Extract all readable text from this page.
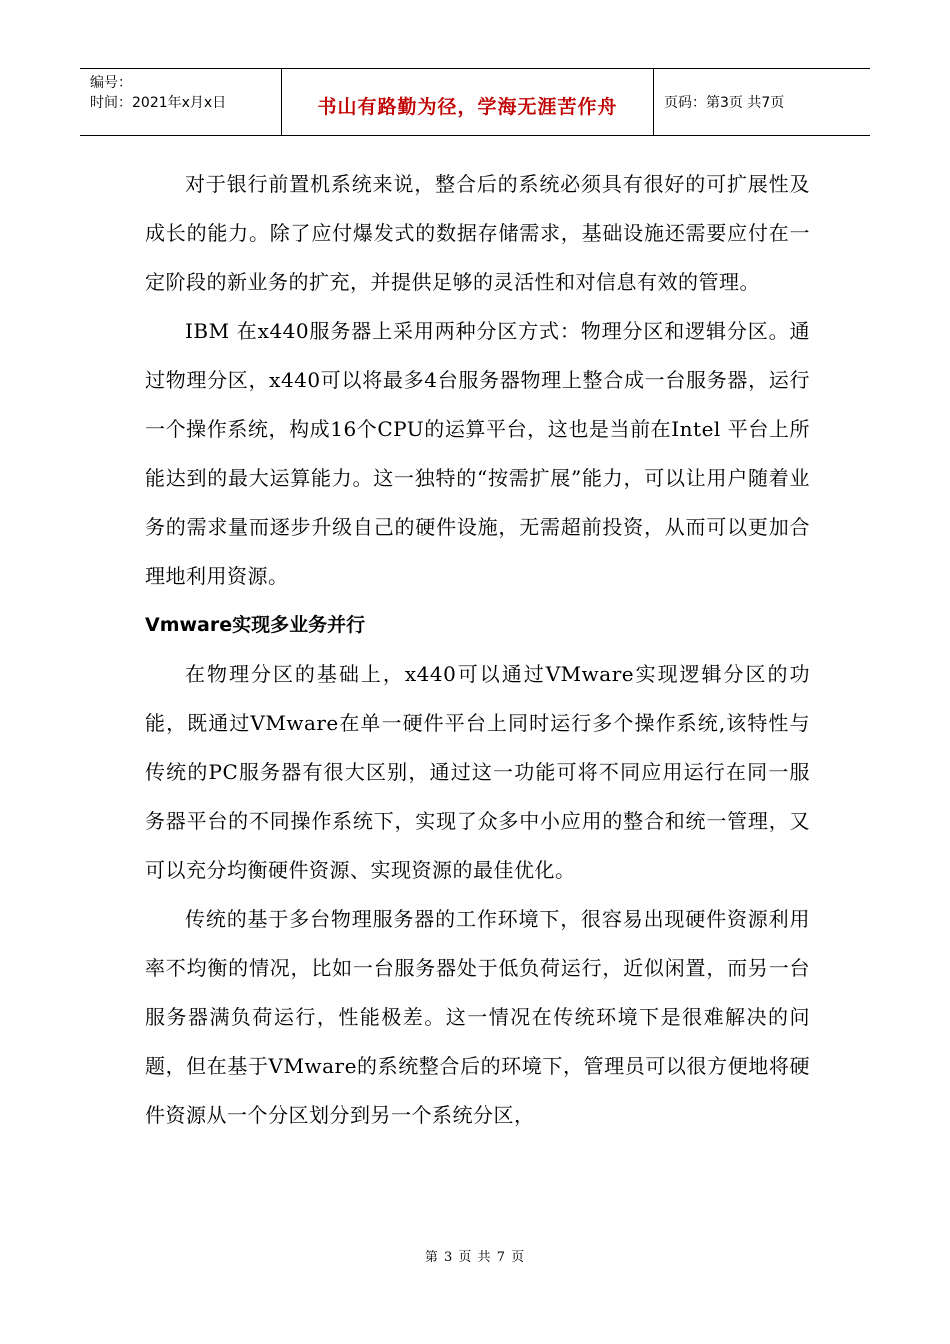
编号：
时间：2021年x月x日	书山有路勤为径，学海无涯苦作舟	页码：第3页 共7页

对于银行前置机系统来说，整合后的系统必须具有很好的可扩展性及成长的能力。除了应付爆发式的数据存储需求，基础设施还需要应付在一定阶段的新业务的扩充，并提供足够的灵活性和对信息有效的管理。

IBM 在x440服务器上采用两种分区方式：物理分区和逻辑分区。通过物理分区，x440可以将最多4台服务器物理上整合成一台服务器，运行一个操作系统，构成16个CPU的运算平台，这也是当前在Intel 平台上所能达到的最大运算能力。这一独特的“按需扩展”能力，可以让用户随着业务的需求量而逐步升级自己的硬件设施，无需超前投资，从而可以更加合理地利用资源。

Vmware实现多业务并行

在物理分区的基础上，x440可以通过VMware实现逻辑分区的功能，既通过VMware在单一硬件平台上同时运行多个操作系统,该特性与传统的PC服务器有很大区别，通过这一功能可将不同应用运行在同一服务器平台的不同操作系统下，实现了众多中小应用的整合和统一管理，又可以充分均衡硬件资源、实现资源的最佳优化。

传统的基于多台物理服务器的工作环境下，很容易出现硬件资源利用率不均衡的情况，比如一台服务器处于低负荷运行，近似闲置，而另一台服务器满负荷运行，性能极差。这一情况在传统环境下是很难解决的问题，但在基于VMware的系统整合后的环境下，管理员可以很方便地将硬件资源从一个分区划分到另一个系统分区，

第 3 页 共 7 页
